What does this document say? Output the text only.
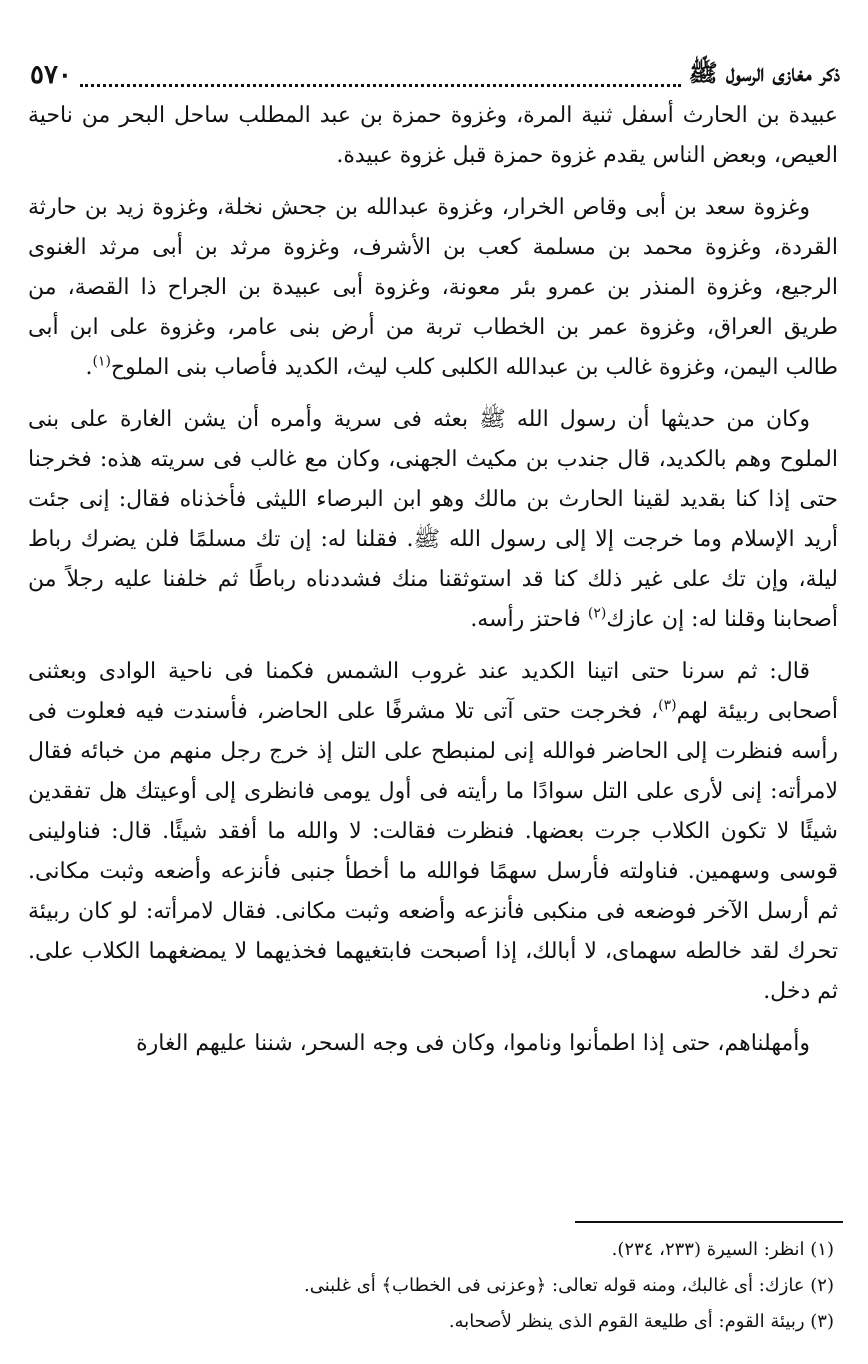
ذكر مغازى الرسول ﷺ
٥٧٠

عبيدة بن الحارث أسفل ثنية المرة، وغزوة حمزة بن عبد المطلب ساحل البحر من ناحية العيص، وبعض الناس يقدم غزوة حمزة قبل غزوة عبيدة.

وغزوة سعد بن أبى وقاص الخرار، وغزوة عبدالله بن جحش نخلة، وغزوة زيد بن حارثة القردة، وغزوة محمد بن مسلمة كعب بن الأشرف، وغزوة مرثد بن أبى مرثد الغنوى الرجيع، وغزوة المنذر بن عمرو بئر معونة، وغزوة أبى عبيدة بن الجراح ذا القصة، من طريق العراق، وغزوة عمر بن الخطاب تربة من أرض بنى عامر، وغزوة على ابن أبى طالب اليمن، وغزوة غالب بن عبدالله الكلبى كلب ليث، الكديد فأصاب بنى الملوح$^{(١)}$.

وكان من حديثها أن رسول الله ﷺ بعثه فى سرية وأمره أن يشن الغارة على بنى الملوح وهم بالكديد، قال جندب بن مكيث الجهنى، وكان مع غالب فى سريته هذه: فخرجنا حتى إذا كنا بقديد لقينا الحارث بن مالك وهو ابن البرصاء الليثى فأخذناه فقال: إنى جئت أريد الإسلام وما خرجت إلا إلى رسول الله ﷺ. فقلنا له: إن تك مسلمًا فلن يضرك رباط ليلة، وإن تك على غير ذلك كنا قد استوثقنا منك فشددناه رباطًا ثم خلفنا عليه رجلاً من أصحابنا وقلنا له: إن عازك$^{(٢)}$ فاحتز رأسه.

قال: ثم سرنا حتى اتينا الكديد عند غروب الشمس فكمنا فى ناحية الوادى وبعثنى أصحابى ربيئة لهم$^{(٣)}$، فخرجت حتى آتى تلا مشرفًا على الحاضر، فأسندت فيه فعلوت فى رأسه فنظرت إلى الحاضر فوالله إنى لمنبطح على التل إذ خرج رجل منهم من خبائه فقال لامرأته: إنى لأرى على التل سوادًا ما رأيته فى أول يومى فانظرى إلى أوعيتك هل تفقدين شيئًا لا تكون الكلاب جرت بعضها. فنظرت فقالت: لا والله ما أفقد شيئًا. قال: فناولينى قوسى وسهمين. فناولته فأرسل سهمًا فوالله ما أخطأ جنبى فأنزعه وأضعه وثبت مكانى. ثم أرسل الآخر فوضعه فى منكبى فأنزعه وأضعه وثبت مكانى. فقال لامرأته: لو كان ربيئة تحرك لقد خالطه سهماى، لا أبالك، إذا أصبحت فابتغيهما فخذيهما لا يمضغهما الكلاب على. ثم دخل.

وأمهلناهم، حتى إذا اطمأنوا وناموا، وكان فى وجه السحر، شننا عليهم الغارة

(١) انظر: السيرة (٢٣٣، ٢٣٤).

(٢) عازك: أى غالبك، ومنه قوله تعالى: ﴿وعزنى فى الخطاب﴾ أى غلبنى.

(٣) ربيئة القوم: أى طليعة القوم الذى ينظر لأصحابه.
